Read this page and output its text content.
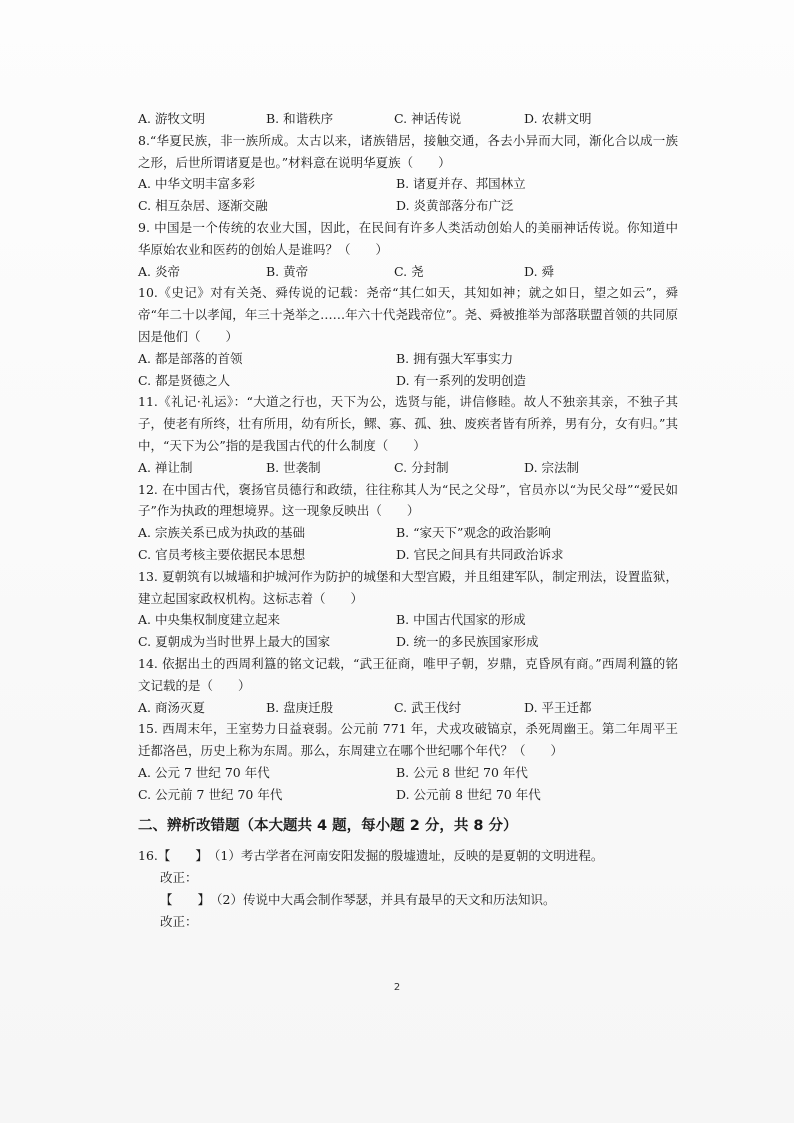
A. 游牧文明	B. 和谐秩序	C. 神话传说	D. 农耕文明
8.“华夏民族，非一族所成。太古以来，诸族错居，接触交通，各去小异而大同，渐化合以成一族之形，后世所谓诸夏是也。”材料意在说明华夏族（　　）
A. 中华文明丰富多彩	B. 诸夏并存、邦国林立
C. 相互杂居、逐渐交融	D. 炎黄部落分布广泛
9. 中国是一个传统的农业大国，因此，在民间有许多人类活动创始人的美丽神话传说。你知道中华原始农业和医药的创始人是谁吗？（　　）
A. 炎帝	B. 黄帝	C. 尧	D. 舜
10.《史记》对有关尧、舜传说的记载：尧帝“其仁如天，其知如神；就之如日，望之如云”，舜帝“年二十以孝闻，年三十尧举之……年六十代尧践帝位”。尧、舜被推举为部落联盟首领的共同原因是他们（　　）
A. 都是部落的首领	B. 拥有强大军事实力
C. 都是贤德之人	D. 有一系列的发明创造
11.《礼记·礼运》：“大道之行也，天下为公，选贤与能，讲信修睦。故人不独亲其亲，不独子其子，使老有所终，壮有所用，幼有所长，鳏、寡、孤、独、废疾者皆有所养，男有分，女有归。”其中，“天下为公”指的是我国古代的什么制度（　　）
A. 禅让制	B. 世袭制	C. 分封制	D. 宗法制
12. 在中国古代，褒扬官员德行和政绩，往往称其人为“民之父母”，官员亦以“为民父母”“爱民如子”作为执政的理想境界。这一现象反映出（　　）
A. 宗族关系已成为执政的基础	B. “家天下”观念的政治影响
C. 官员考核主要依据民本思想	D. 官民之间具有共同政治诉求
13. 夏朝筑有以城墙和护城河作为防护的城堡和大型宫殿，并且组建军队，制定刑法，设置监狱，建立起国家政权机构。这标志着（　　）
A. 中央集权制度建立起来	B. 中国古代国家的形成
C. 夏朝成为当时世界上最大的国家	D. 统一的多民族国家形成
14. 依据出土的西周利簋的铭文记载，“武王征商，唯甲子朝，岁鼎，克昏夙有商。”西周利簋的铭文记载的是（　　）
A. 商汤灭夏	B. 盘庚迁殷	C. 武王伐纣	D. 平王迁都
15. 西周末年，王室势力日益衰弱。公元前 771 年，犬戎攻破镐京，杀死周幽王。第二年周平王迁都洛邑，历史上称为东周。那么，东周建立在哪个世纪哪个年代？（　　）
A. 公元 7 世纪 70 年代	B. 公元 8 世纪 70 年代
C. 公元前 7 世纪 70 年代	D. 公元前 8 世纪 70 年代
二、辨析改错题（本大题共 4 题，每小题 2 分，共 8 分）
16. 【　　】 （1）考古学者在河南安阳发掘的殷墟遗址，反映的是夏朝的文明进程。
改正：
【　　】 （2）传说中大禹会制作琴瑟，并具有最早的天文和历法知识。
改正：
2
